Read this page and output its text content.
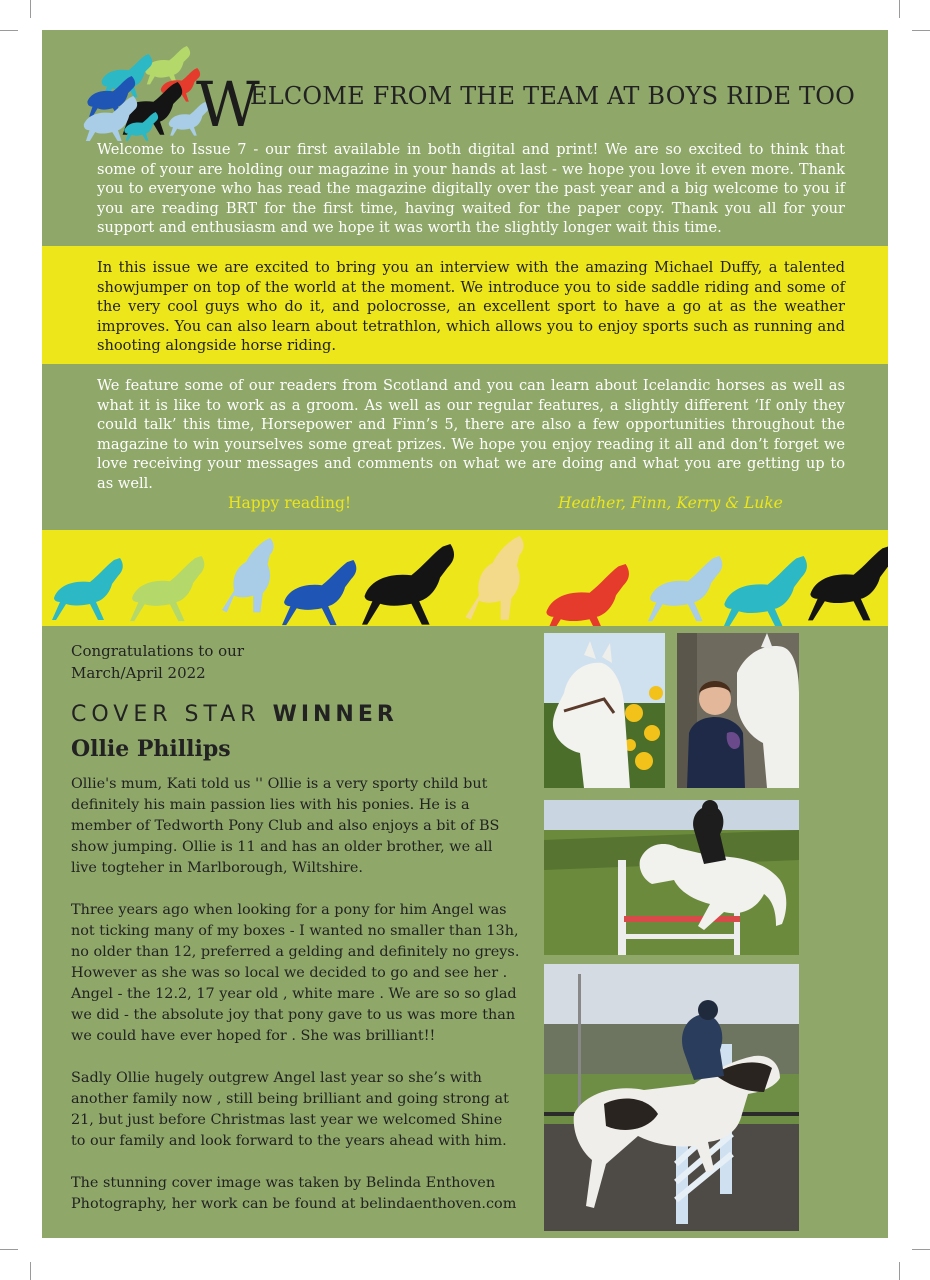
W
ELCOME FROM THE TEAM AT BOYS RIDE TOO

Welcome to Issue 7 - our first available in both digital and print! We are so excited to think that some of your are holding our magazine in your hands at last - we hope you love it even more. Thank you to everyone who has read the magazine digitally over the past year and a big welcome to you if you are reading BRT for the first time, having waited for the paper copy. Thank you all for your support and enthusiasm and we hope it was worth the slightly longer wait this time.

In this issue we are excited to bring you an interview with the amazing Michael Duffy, a talented showjumper on top of the world at the moment. We introduce you to side saddle riding and some of the very cool guys who do it, and polocrosse, an excellent sport to have a go at as the weather improves. You can also learn about tetrathlon, which allows you to enjoy sports such as running and shooting alongside horse riding.

We feature some of our readers from Scotland and you can learn about Icelandic horses as well as what it is like to work as a groom. As well as our regular features, a slightly different ‘If only they could talk’ this time, Horsepower and Finn’s 5, there are also a few opportunities throughout the magazine to win yourselves some great prizes. We hope you enjoy reading it all and don’t forget we love receiving your messages and comments on what we are doing and what you are getting up to as well.

Happy reading!	Heather, Finn, Kerry & Luke
Congratulations to our
March/April 2022
COVER STAR WINNER
Ollie Phillips

Ollie's mum, Kati told us '' Ollie is a very sporty child but definitely his main passion lies with his ponies. He is a member of Tedworth Pony Club and also enjoys a bit of BS show jumping. Ollie is 11 and has an older brother, we all live togteher in Marlborough, Wiltshire.

Three years ago when looking for a pony for him Angel was not ticking many of my boxes - I wanted no smaller than 13h, no older than 12, preferred a gelding and definitely no greys. However as she was so local we decided to go and see her . Angel - the 12.2, 17 year old , white mare . We are so so glad we did - the absolute joy that pony gave to us was more than we could have ever hoped for . She was brilliant!!

Sadly Ollie hugely outgrew Angel last year so she’s with another family now , still being brilliant and going strong at 21, but just before Christmas last year we welcomed Shine to our family and look forward to the years ahead with him.

The stunning cover image was taken by Belinda Enthoven Photography, her work can be found at belindaenthoven.com
